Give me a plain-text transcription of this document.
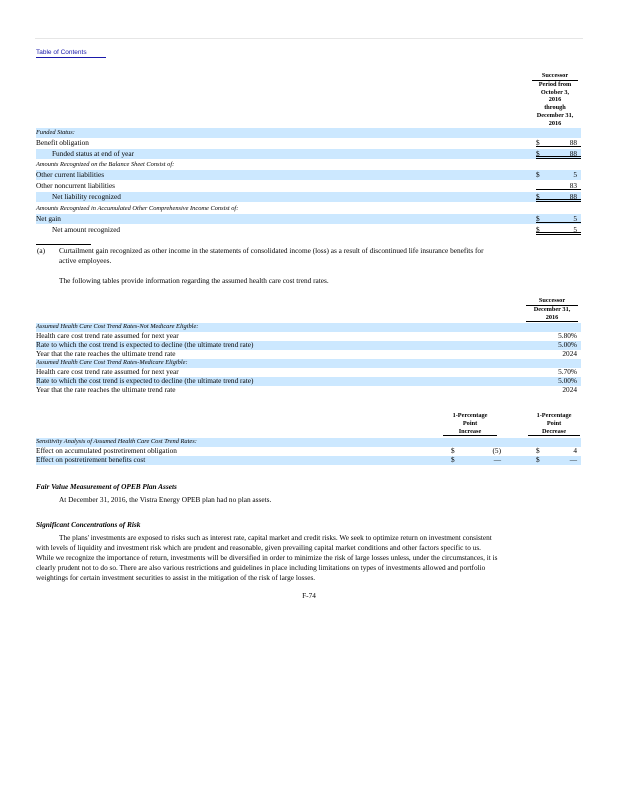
Table of Contents
Successor
Period from
October 3,
2016
through
December 31,
2016
Funded Status:
Benefit obligation	$	88
Funded status at end of year	$	88
Amounts Recognized on the Balance Sheet Consist of:
Other current liabilities	$	5
Other noncurrent liabilities	83
Net liability recognized	$	88
Amounts Recognized in Accumulated Other Comprehensive Income Consist of:
Net gain	$	5
Net amount recognized	$	5
(a) Curtailment gain recognized as other income in the statements of consolidated income (loss) as a result of discontinued life insurance benefits for
active employees.
The following tables provide information regarding the assumed health care cost trend rates.
Successor
December 31,
2016
Assumed Health Care Cost Trend Rates-Not Medicare Eligible:
Health care cost trend rate assumed for next year	5.80%
Rate to which the cost trend is expected to decline (the ultimate trend rate)	5.00%
Year that the rate reaches the ultimate trend rate	2024
Assumed Health Care Cost Trend Rates-Medicare Eligible:
Health care cost trend rate assumed for next year	5.70%
Rate to which the cost trend is expected to decline (the ultimate trend rate)	5.00%
Year that the rate reaches the ultimate trend rate	2024
1-Percentage
Point
Increase
1-Percentage
Point
Decrease
Sensitivity Analysis of Assumed Health Care Cost Trend Rates:
Effect on accumulated postretirement obligation	$	(5)	$	4
Effect on postretirement benefits cost	$	—	$	—
Fair Value Measurement of OPEB Plan Assets
At December 31, 2016, the Vistra Energy OPEB plan had no plan assets.
Significant Concentrations of Risk
The plans' investments are exposed to risks such as interest rate, capital market and credit risks. We seek to optimize return on investment consistent
with levels of liquidity and investment risk which are prudent and reasonable, given prevailing capital market conditions and other factors specific to us.
While we recognize the importance of return, investments will be diversified in order to minimize the risk of large losses unless, under the circumstances, it is
clearly prudent not to do so. There are also various restrictions and guidelines in place including limitations on types of investments allowed and portfolio
weightings for certain investment securities to assist in the mitigation of the risk of large losses.
F-74
